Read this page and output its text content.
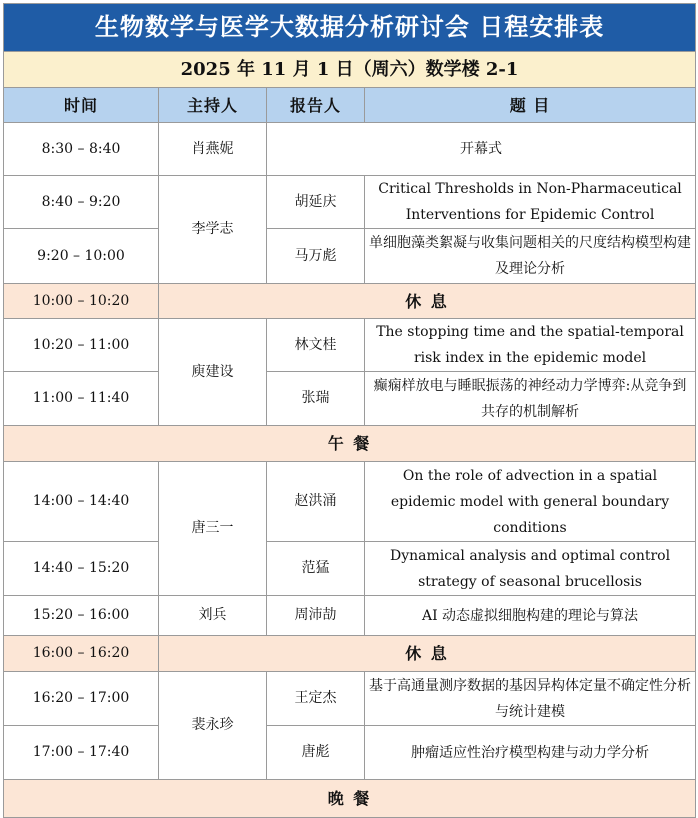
生物数学与医学大数据分析研讨会 日程安排表			
2025 年 11 月 1 日（周六）数学楼 2-1			
时间	主持人	报告人	题 目
8:30 – 8:40	肖燕妮	开幕式	
8:40 – 9:20	李学志	胡延庆	Critical Thresholds in Non-Pharmaceutical Interventions for Epidemic Control
9:20 – 10:00		马万彪	单细胞藻类絮凝与收集问题相关的尺度结构模型构建及理论分析
10:00 – 10:20	休 息		
10:20 – 11:00	庾建设	林文桂	The stopping time and the spatial-temporal risk index in the epidemic model
11:00 – 11:40		张瑞	癫痫样放电与睡眠振荡的神经动力学博弈:从竞争到共存的机制解析
午 餐			
14:00 – 14:40	唐三一	赵洪涌	On the role of advection in a spatial epidemic model with general boundary conditions
14:40 – 15:20		范猛	Dynamical analysis and optimal control strategy of seasonal brucellosis
15:20 – 16:00	刘兵	周沛劼	AI 动态虚拟细胞构建的理论与算法
16:00 – 16:20	休 息		
16:20 – 17:00	裴永珍	王定杰	基于高通量测序数据的基因异构体定量不确定性分析与统计建模
17:00 – 17:40		唐彪	肿瘤适应性治疗模型构建与动力学分析
晚 餐			
